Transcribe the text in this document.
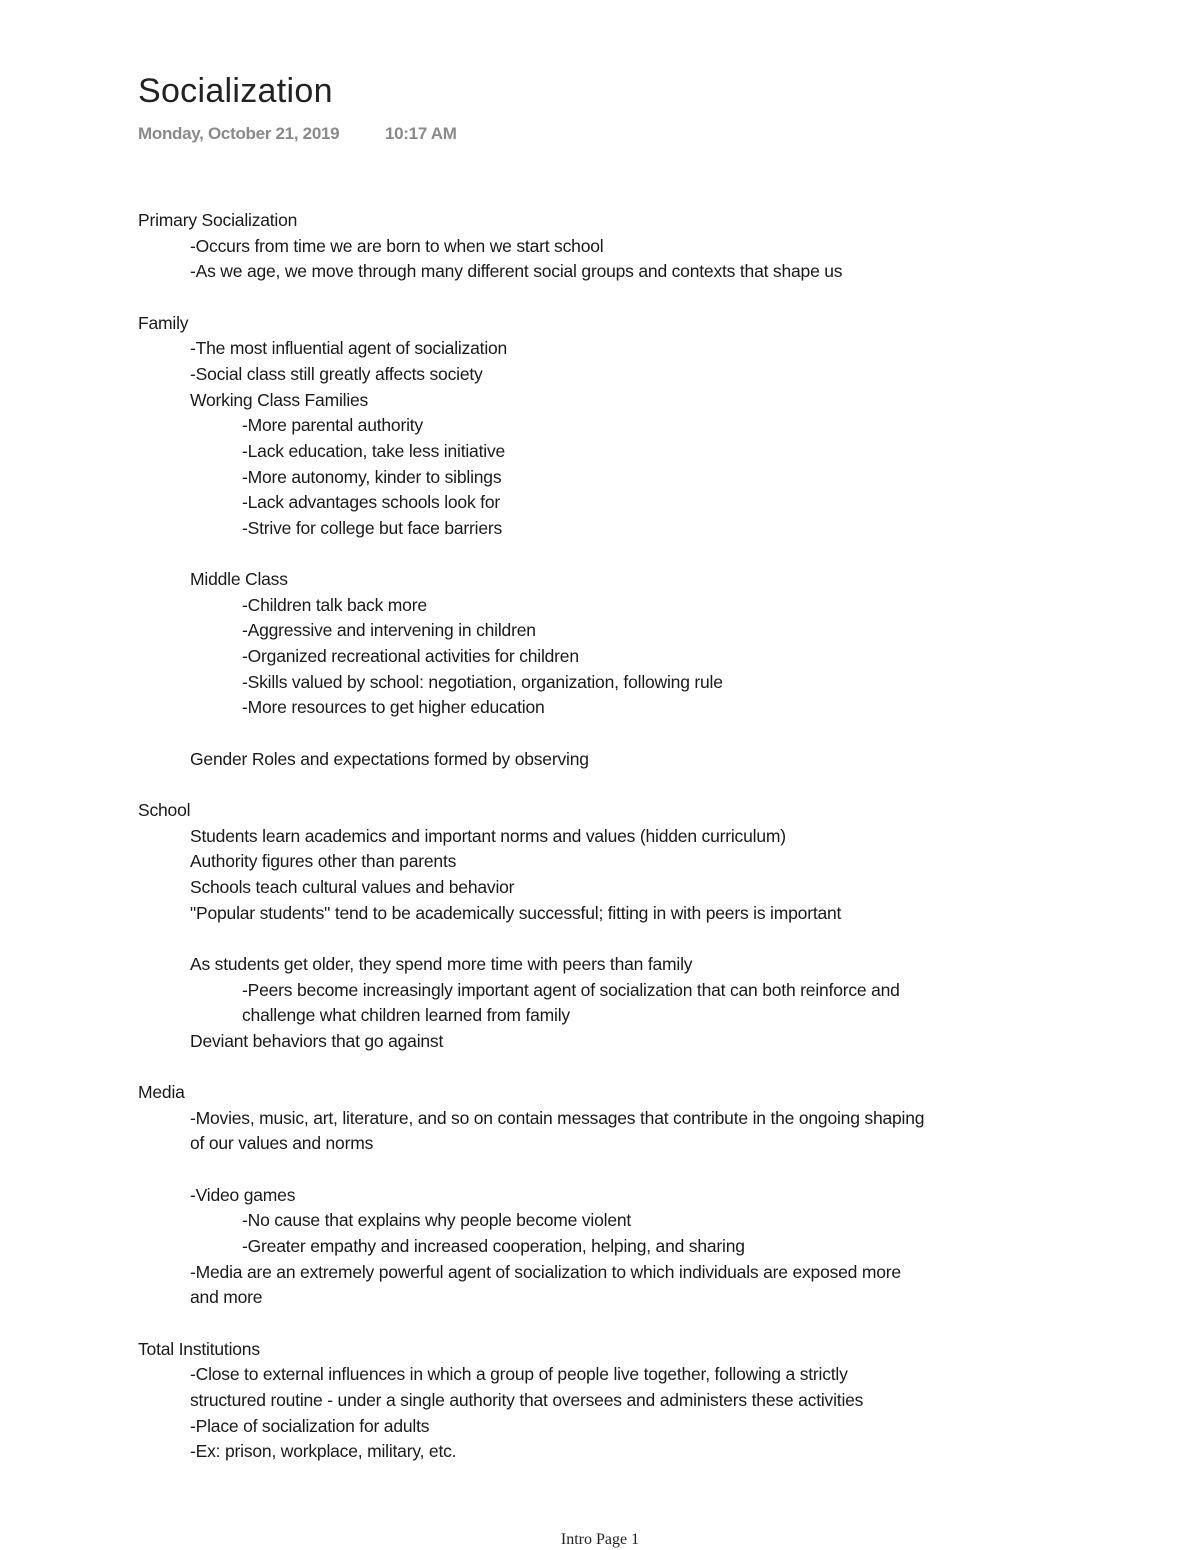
Socialization
Monday, October 21, 2019	10:17 AM
Primary Socialization
-Occurs from time we are born to when we start school
-As we age, we move through many different social groups and contexts that shape us
Family
-The most influential agent of socialization
-Social class still greatly affects society
Working Class Families
-More parental authority
-Lack education, take less initiative
-More autonomy, kinder to siblings
-Lack advantages schools look for
-Strive for college but face barriers
Middle Class
-Children talk back more
-Aggressive and intervening in children
-Organized recreational activities for children
-Skills valued by school: negotiation, organization, following rule
-More resources to get higher education
Gender Roles and expectations formed by observing
School
Students learn academics and important norms and values (hidden curriculum)
Authority figures other than parents
Schools teach cultural values and behavior
"Popular students" tend to be academically successful; fitting in with peers is important
As students get older, they spend more time with peers than family
-Peers become increasingly important agent of socialization that can both reinforce and
challenge what children learned from family
Deviant behaviors that go against
Media
-Movies, music, art, literature, and so on contain messages that contribute in the ongoing shaping
of our values and norms
-Video games
-No cause that explains why people become violent
-Greater empathy and increased cooperation, helping, and sharing
-Media are an extremely powerful agent of socialization to which individuals are exposed more
and more
Total Institutions
-Close to external influences in which a group of people live together, following a strictly
structured routine - under a single authority that oversees and administers these activities
-Place of socialization for adults
-Ex: prison, workplace, military, etc.
Intro Page 1
